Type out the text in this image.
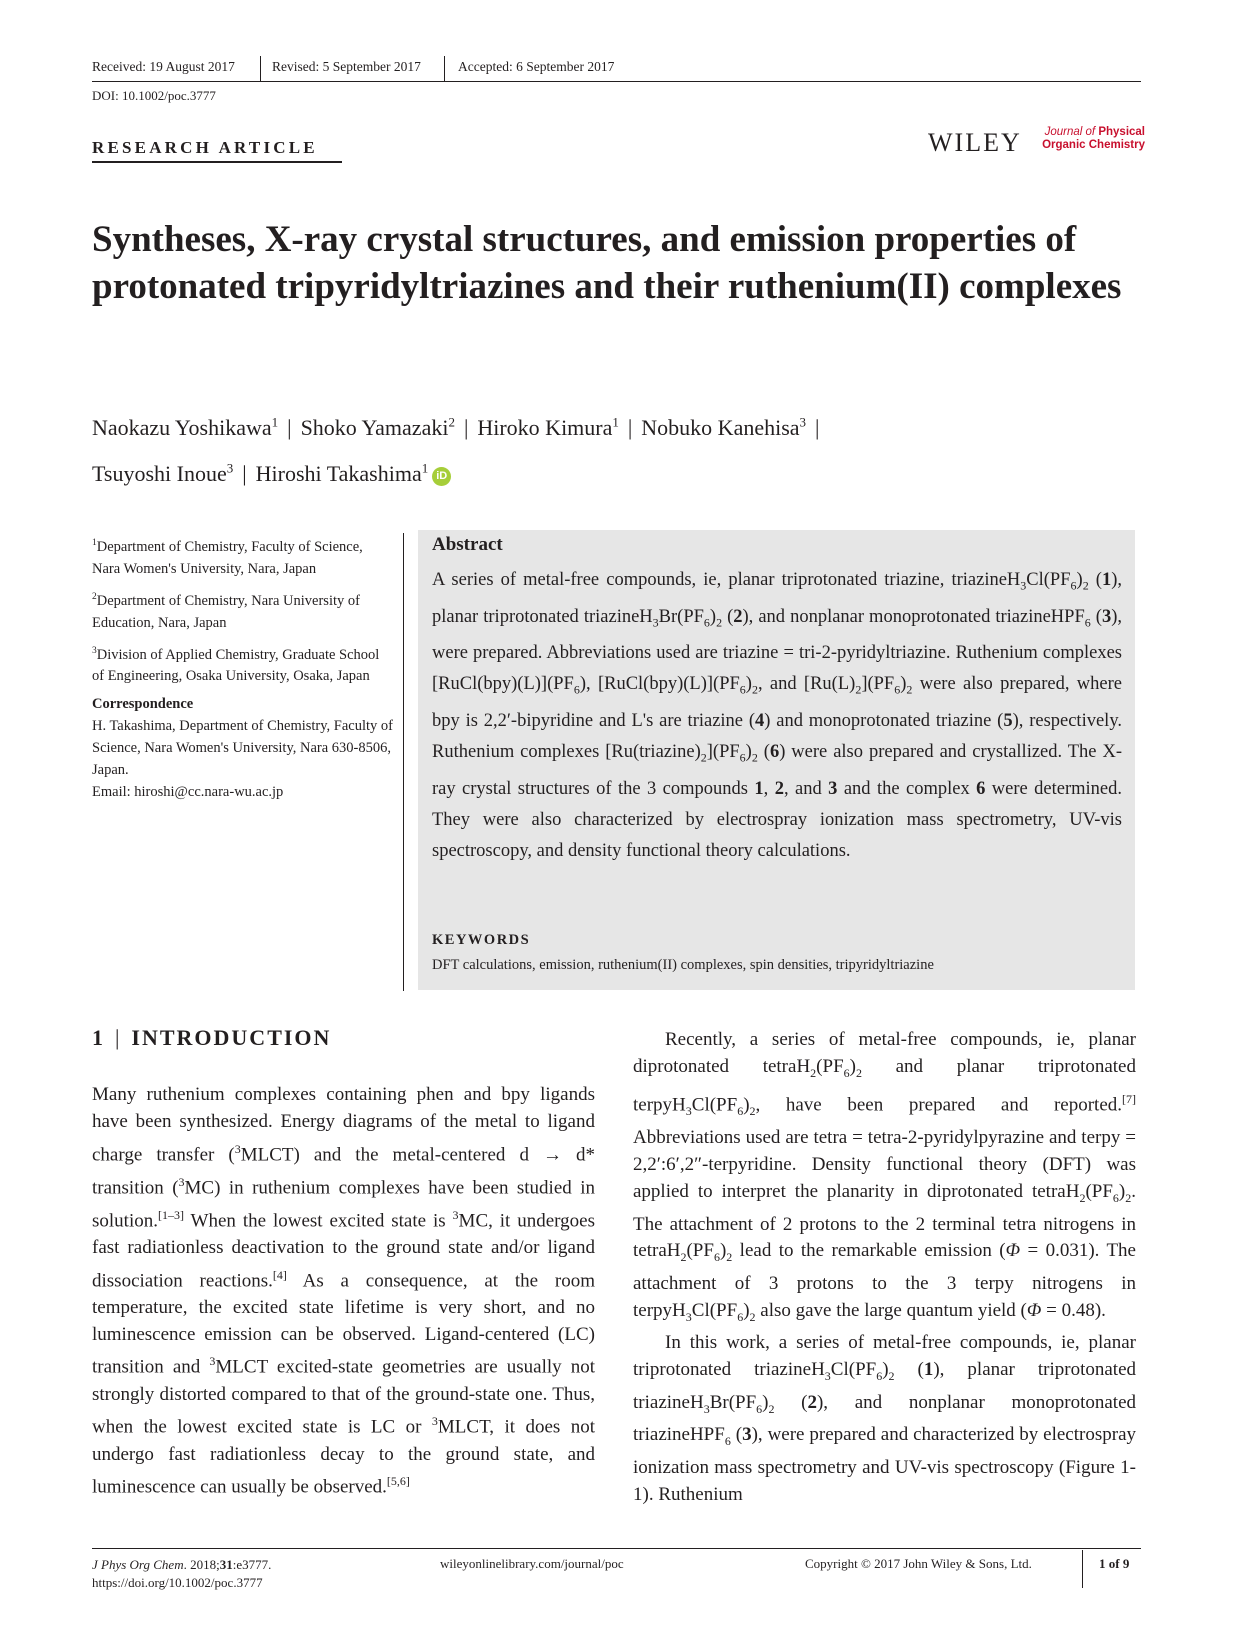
Received: 19 August 2017	Revised: 5 September 2017	Accepted: 6 September 2017
DOI: 10.1002/poc.3777
RESEARCH ARTICLE	WILEY	Journal of Physical
Organic Chemistry
Syntheses, X-ray crystal structures, and emission properties of protonated tripyridyltriazines and their ruthenium(II) complexes
Naokazu Yoshikawa$^1$ | Shoko Yamazaki$^2$ | Hiroko Kimura$^1$ | Nobuko Kanehisa$^3$ |
Tsuyoshi Inoue$^3$ | Hiroshi Takashima$^1$iD

$^1$Department of Chemistry, Faculty of Science, Nara Women's University, Nara, Japan

$^2$Department of Chemistry, Nara University of Education, Nara, Japan

$^3$Division of Applied Chemistry, Graduate School of Engineering, Osaka University, Osaka, Japan

Correspondence

H. Takashima, Department of Chemistry, Faculty of Science, Nara Women's University, Nara 630-8506, Japan.
Email: hiroshi@cc.nara-wu.ac.jp
Abstract
A series of metal-free compounds, ie, planar triprotonated triazine, $triazineH_3Cl(PF_6)_2$ (1), planar triprotonated $triazineH_3Br(PF_6)_2$ (2), and nonplanar monoprotonated triazineHPF$_6$ (3), were prepared. Abbreviations used are triazine = tri-2-pyridyltriazine. Ruthenium complexes $[RuCl(bpy)(L)](PF_6)$, $[RuCl(bpy)(L)](PF_6)_2$, and $[Ru(L)_2](PF_6)_2$ were also prepared, where bpy is 2,2′-bipyridine and L's are triazine (4) and monoprotonated triazine (5), respectively. Ruthenium complexes $[Ru(triazine)_2](PF_6)_2$ (6) were also prepared and crystallized. The X-ray crystal structures of the 3 compounds 1, 2, and 3 and the complex 6 were determined. They were also characterized by electrospray ionization mass spectrometry, UV-vis spectroscopy, and density functional theory calculations.
KEYWORDS
DFT calculations, emission, ruthenium(II) complexes, spin densities, tripyridyltriazine
1 | INTRODUCTION

Many ruthenium complexes containing phen and bpy ligands have been synthesized. Energy diagrams of the metal to ligand charge transfer ($^3$MLCT) and the metal-centered d → d* transition ($^3$MC) in ruthenium complexes have been studied in solution.[1–3] When the lowest excited state is $^3$MC, it undergoes fast radiationless deactivation to the ground state and/or ligand dissociation reactions.[4] As a consequence, at the room temperature, the excited state lifetime is very short, and no luminescence emission can be observed. Ligand-centered (LC) transition and $^3$MLCT excited-state geometries are usually not strongly distorted compared to that of the ground-state one. Thus, when the lowest excited state is LC or $^3$MLCT, it does not undergo fast radiationless decay to the ground state, and luminescence can usually be observed.[5,6]

Recently, a series of metal-free compounds, ie, planar diprotonated $tetraH_2(PF_6)_2$ and planar triprotonated $terpyH_3Cl(PF_6)_2$, have been prepared and reported.[7] Abbreviations used are tetra = tetra-2-pyridylpyrazine and terpy = 2,2′:6′,2″-terpyridine. Density functional theory (DFT) was applied to interpret the planarity in diprotonated $tetraH_2(PF_6)_2$. The attachment of 2 protons to the 2 terminal tetra nitrogens in $tetraH_2(PF_6)_2$ lead to the remarkable emission (Φ = 0.031). The attachment of 3 protons to the 3 terpy nitrogens in $terpyH_3Cl(PF_6)_2$ also gave the large quantum yield (Φ = 0.48).

In this work, a series of metal-free compounds, ie, planar triprotonated $triazineH_3Cl(PF_6)_2$ (1), planar triprotonated $triazineH_3Br(PF_6)_2$ (2), and nonplanar monoprotonated triazineHPF$_6$ (3), were prepared and characterized by electrospray ionization mass spectrometry and UV-vis spectroscopy (Figure 1-1). Ruthenium

J Phys Org Chem. 2018;31:e3777.
https://doi.org/10.1002/poc.3777
wileyonlinelibrary.com/journal/poc	Copyright © 2017 John Wiley & Sons, Ltd.	1 of 9
